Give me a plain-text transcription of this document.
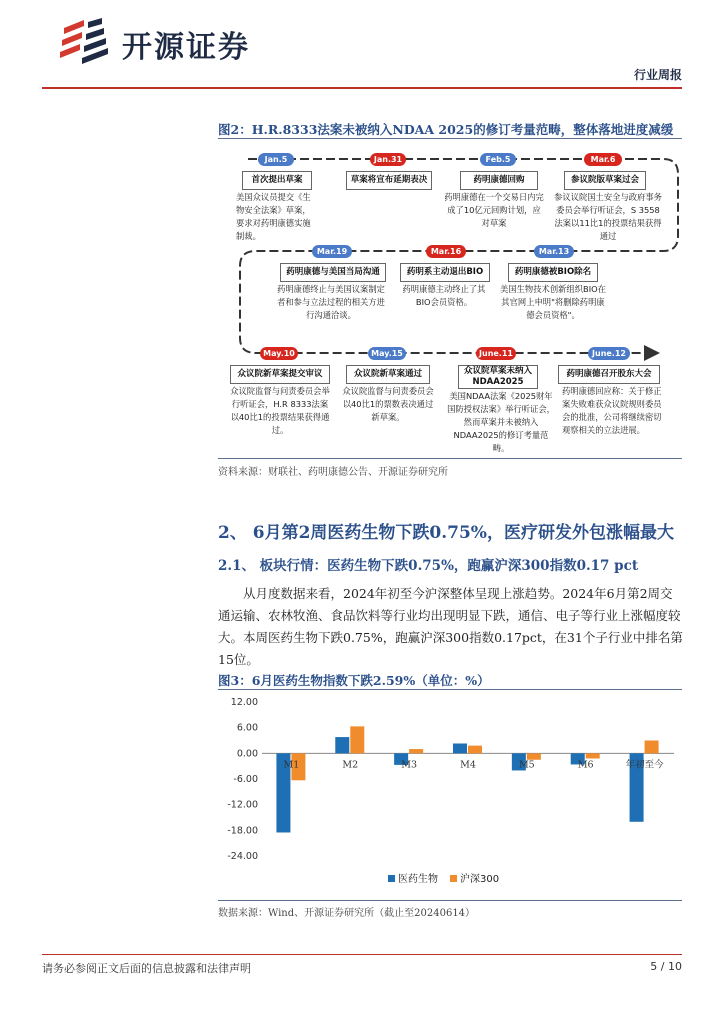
开源证券
行业周报
图2：H.R.8333法案未被纳入NDAA 2025的修订考量范畴，整体落地进度减缓
Jan.5
首次提出草案
美国众议员提交《生物安全法案》草案，要求对药明康德实施制裁。
Jan.31
草案将宣布延期表决
Feb.5
药明康德回购
药明康德在一个交易日内完成了10亿元回购计划，应对草案
Mar.6
参议院版草案过会
参议议院国土安全与政府事务委员会举行听证会，S 3558法案以11比1的投票结果获得通过
Mar.13
药明康德被BIO除名
美国生物技术创新组织BIO在其官网上申明"将删除药明康德会员资格"。
Mar.16
药明系主动退出BIO
药明康德主动终止了其BIO会员资格。
Mar.19
药明康德与美国当局沟通
药明康德终止与美国议案制定者和参与立法过程的相关方进行沟通洽谈。
May.10
众议院新草案提交审议
众议院监督与问责委员会举行听证会，H.R 8333法案以40比1的投票结果获得通过。
May.15
众议院新草案通过
众议院监督与问责委员会以40比1的票数表决通过新草案。
June.11
众议院草案未纳入NDAA2025
美国NDAA法案《2025财年国防授权法案》举行听证会，然而草案并未被纳入NDAA2025的修订考量范畴。
June.12
药明康德召开股东大会
药明康德回应称：关于修正案失败难获众议院规则委员会的批准，公司将继续密切观察相关的立法进展。
资料来源：财联社、药明康德公告、开源证券研究所
2、 6月第2周医药生物下跌0.75%，医疗研发外包涨幅最大
2.1、 板块行情：医药生物下跌0.75%，跑赢沪深300指数0.17 pct
从月度数据来看，2024年初至今沪深整体呈现上涨趋势。2024年6月第2周交通运输、农林牧渔、食品饮料等行业均出现明显下跌，通信、电子等行业上涨幅度较大。本周医药生物下跌0.75%，跑赢沪深300指数0.17pct，在31个子行业中排名第15位。
图3：6月医药生物指数下跌2.59%（单位：%）
12.00
6.00
0.00
-6.00
-12.00
-18.00
-24.00
M1	M2	M3	M4	M5	M6	年初至今
医药生物 沪深300
数据来源：Wind、开源证券研究所（截止至20240614）
请务必参阅正文后面的信息披露和法律声明	5 / 10
